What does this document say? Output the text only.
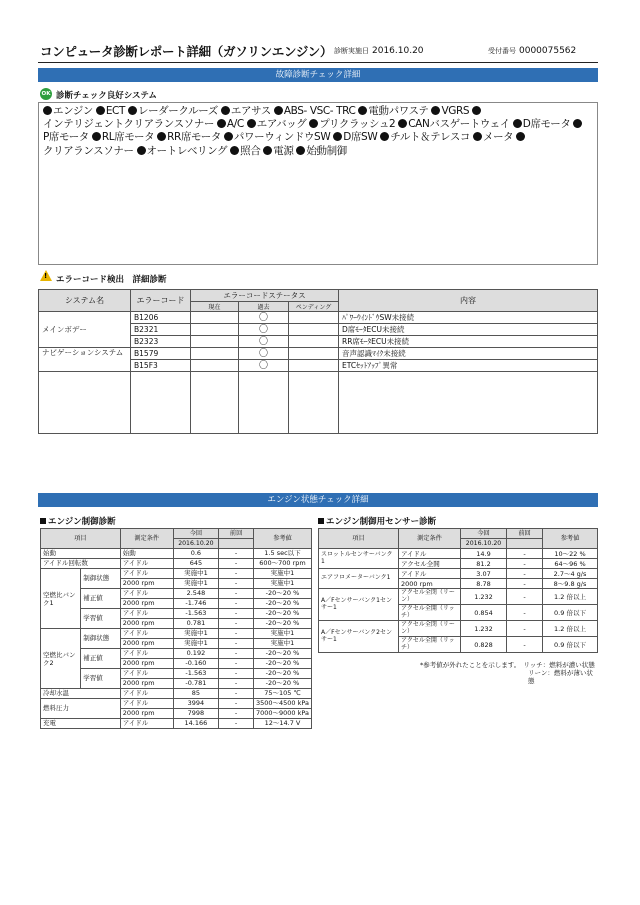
コンピュータ診断レポート詳細（ガソリンエンジン） 診断実施日 2016.10.20	受付番号 0000075562
故障診断チェック詳細
OK 診断チェック良好システム
エンジン ECT レーダークルーズ エアサス ABS- VSC- TRC 電動パワステ VGRS インテリジェントクリアランスソナー A/C エアバッグ プリクラッシュ2 CANバスゲートウェイ D席モータ P席モータ RL席モータ RR席モータ パワーウィンドウSW D席SW チルト＆テレスコ メータ クリアランスソナー オートレベリング 照合 電源 始動制御
! エラーコード検出　詳細診断
システム名	エラーコード	エラーコードステータス			内容
		現在	過去	ペンディング	
メインボデー	B1206		〇		ﾊﾟﾜｰｳｲﾝﾄﾞｳSW未接続
	B2321		〇		D席ﾓｰﾀECU未接続
	B2323		〇		RR席ﾓｰﾀECU未接続
ナビゲーションシステム	B1579		〇		音声認識ﾏｲｸ未接続
	B15F3		〇		ETCｾｯﾄｱｯﾌﾟ異常

エンジン状態チェック詳細
エンジン制御診断	エンジン制御用センサー診断
項目		測定条件	今回	前回	参考値
			2016.10.20		
始動		始動	0.6	-	1.5 sec以下
アイドル回転数		アイドル	645	-	600〜700 rpm
空燃比バンク1	制御状態	アイドル	実施中1	-	実施中1
		2000 rpm	実施中1	-	実施中1
	補正値	アイドル	2.548	-	-20〜20 %
		2000 rpm	-1.746	-	-20〜20 %
	学習値	アイドル	-1.563	-	-20〜20 %
		2000 rpm	0.781	-	-20〜20 %
空燃比バンク2	制御状態	アイドル	実施中1	-	実施中1
		2000 rpm	実施中1	-	実施中1
	補正値	アイドル	0.192	-	-20〜20 %
		2000 rpm	-0.160	-	-20〜20 %
	学習値	アイドル	-1.563	-	-20〜20 %
		2000 rpm	-0.781	-	-20〜20 %
冷却水温		アイドル	85	-	75〜105 ℃
燃料圧力		アイドル	3994	-	3500〜4500 kPa
		2000 rpm	7998	-	7000〜9000 kPa
充電		アイドル	14.166	-	12〜14.7 V
項目	測定条件	今回	前回	参考値
		2016.10.20		
スロットルセンサーバンク1	アイドル	14.9	-	10〜22 %
	アクセル全開	81.2	-	64〜96 %
エアフロメーターバンク1	アイドル	3.07	-	2.7〜4 g/s
	2000 rpm	8.78	-	8〜9.8 g/s
A／Fセンサーバンク1センサー1	アクセル全閉（リーン）	1.232	-	1.2 倍以上
	アクセル全開（リッチ）	0.854	-	0.9 倍以下
A／Fセンサーバンク2センサー1	アクセル全閉（リーン）	1.232	-	1.2 倍以上
	アクセル全開（リッチ）	0.828	-	0.9 倍以下
*参考値が外れたことを示します。　リッチ：燃料が濃い状態
リーン：燃料が薄い状態
